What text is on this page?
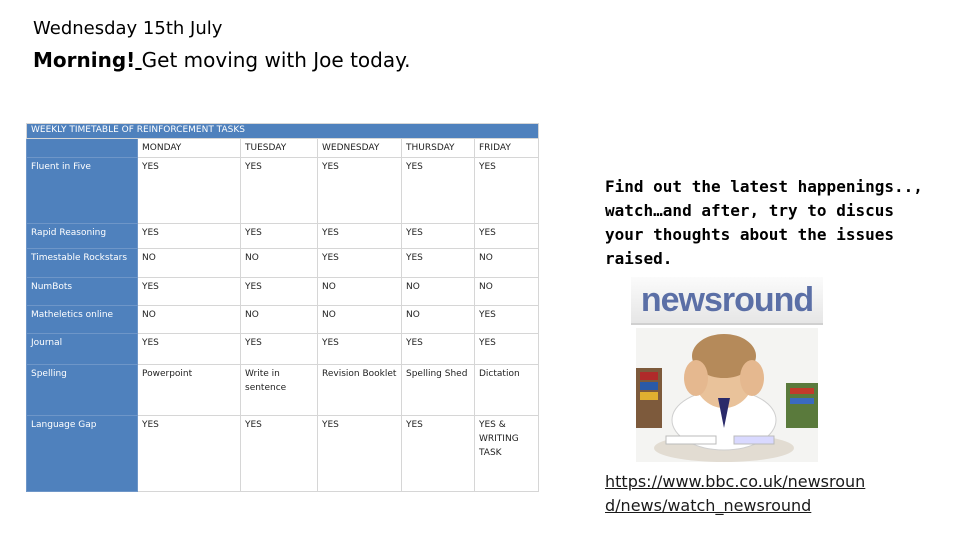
Wednesday 15th July
Morning! Get moving with Joe today.
WEEKLY TIMETABLE OF REINFORCEMENT TASKS					
	MONDAY	TUESDAY	WEDNESDAY	THURSDAY	FRIDAY
Fluent in Five	YES	YES	YES	YES	YES
Rapid Reasoning	YES	YES	YES	YES	YES
Timestable Rockstars	NO	NO	YES	YES	NO
NumBots	YES	YES	NO	NO	NO
Matheletics online	NO	NO	NO	NO	YES
Journal	YES	YES	YES	YES	YES
Spelling	Powerpoint	Write in sentence	Revision Booklet	Spelling Shed	Dictation
Language Gap	YES	YES	YES	YES	YES & WRITING TASK
Find out the latest happenings.., watch…and after, try to discus your thoughts about the issues raised.
newsround
https://www.bbc.co.uk/newsround/news/watch_newsround
